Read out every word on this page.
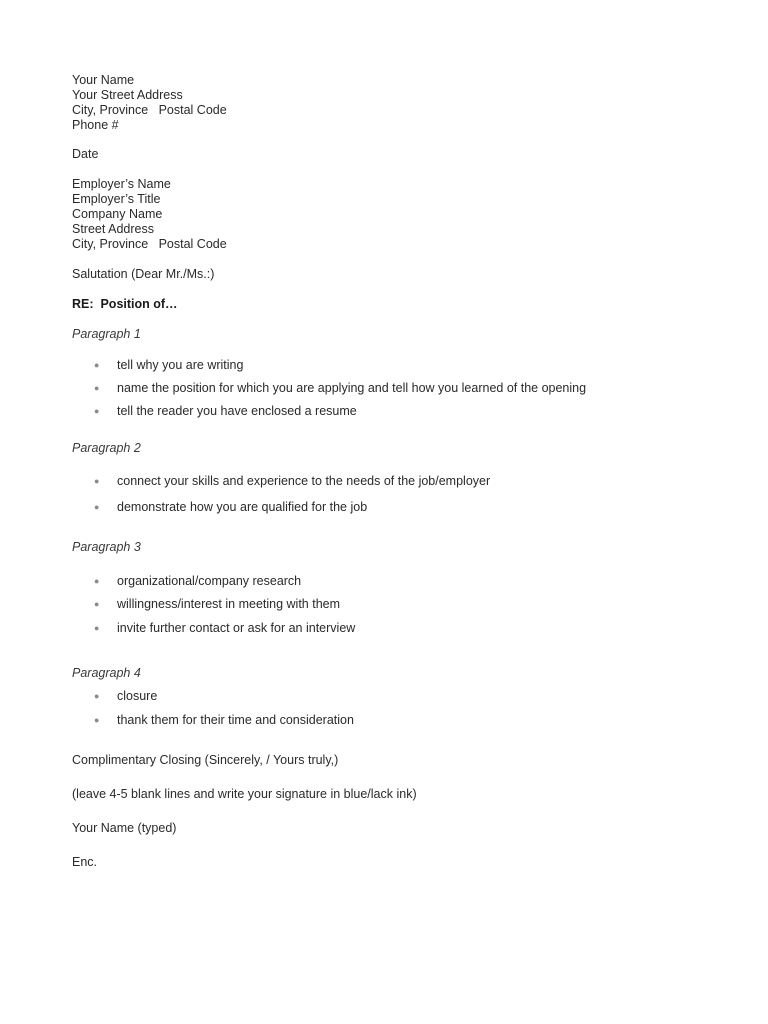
Your Name
Your Street Address
City, Province   Postal Code
Phone #
Date
Employer’s Name
Employer’s Title
Company Name
Street Address
City, Province   Postal Code
Salutation (Dear Mr./Ms.:)
RE:  Position of…
Paragraph 1
● tell why you are writing
● name the position for which you are applying and tell how you learned of the opening
● tell the reader you have enclosed a resume
Paragraph 2
● connect your skills and experience to the needs of the job/employer
● demonstrate how you are qualified for the job
Paragraph 3
● organizational/company research
● willingness/interest in meeting with them
● invite further contact or ask for an interview
Paragraph 4
● closure
● thank them for their time and consideration
Complimentary Closing (Sincerely, / Yours truly,)
(leave 4-5 blank lines and write your signature in blue/lack ink)
Your Name (typed)
Enc.
